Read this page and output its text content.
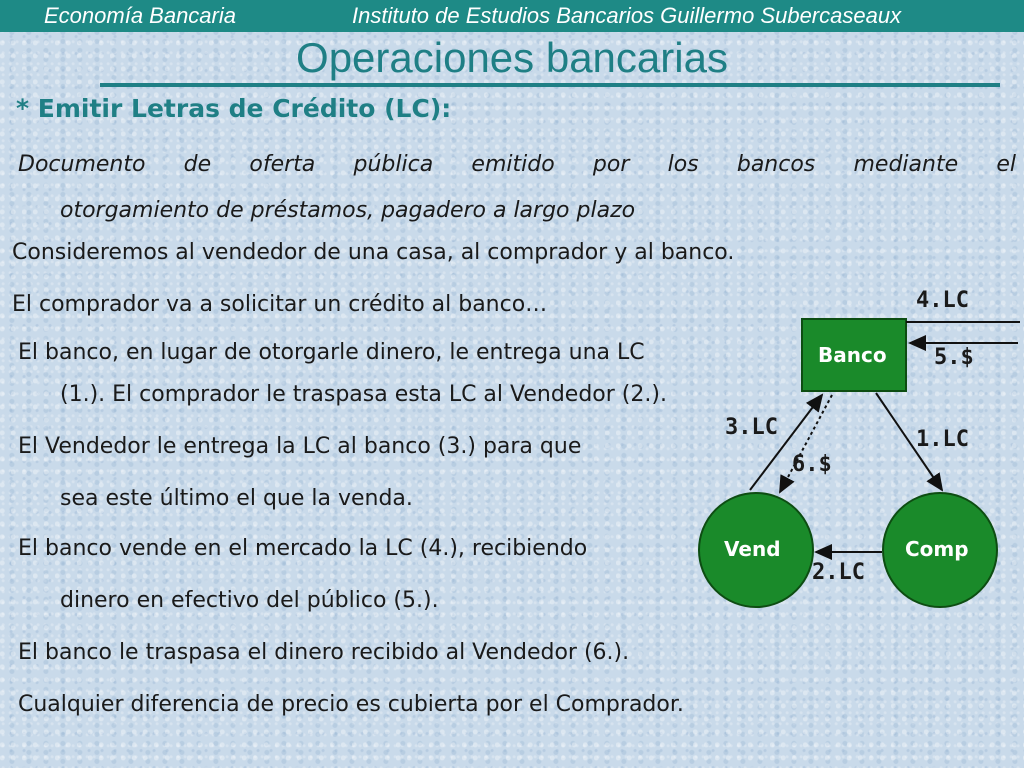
Economía Bancaria	Instituto de Estudios Bancarios Guillermo Subercaseaux
Operaciones bancarias
* Emitir Letras de Crédito (LC):
Documento de oferta pública emitido por los bancos mediante el
otorgamiento de préstamos, pagadero a largo plazo
Consideremos al vendedor de una casa, al comprador y al banco.
El comprador va a solicitar un crédito al banco…
El banco, en lugar de otorgarle dinero, le entrega una LC
(1.). El comprador le traspasa esta LC al Vendedor (2.).
El Vendedor le entrega la LC al banco (3.) para que
sea este último el que la venda.
El banco vende en el mercado la LC (4.), recibiendo
dinero en efectivo del público (5.).
El banco le traspasa el dinero recibido al Vendedor (6.).
Cualquier diferencia de precio es cubierta por el Comprador.
Banco
Vend	Comp
4.LC
5.$
3.LC	1.LC
6.$
2.LC
